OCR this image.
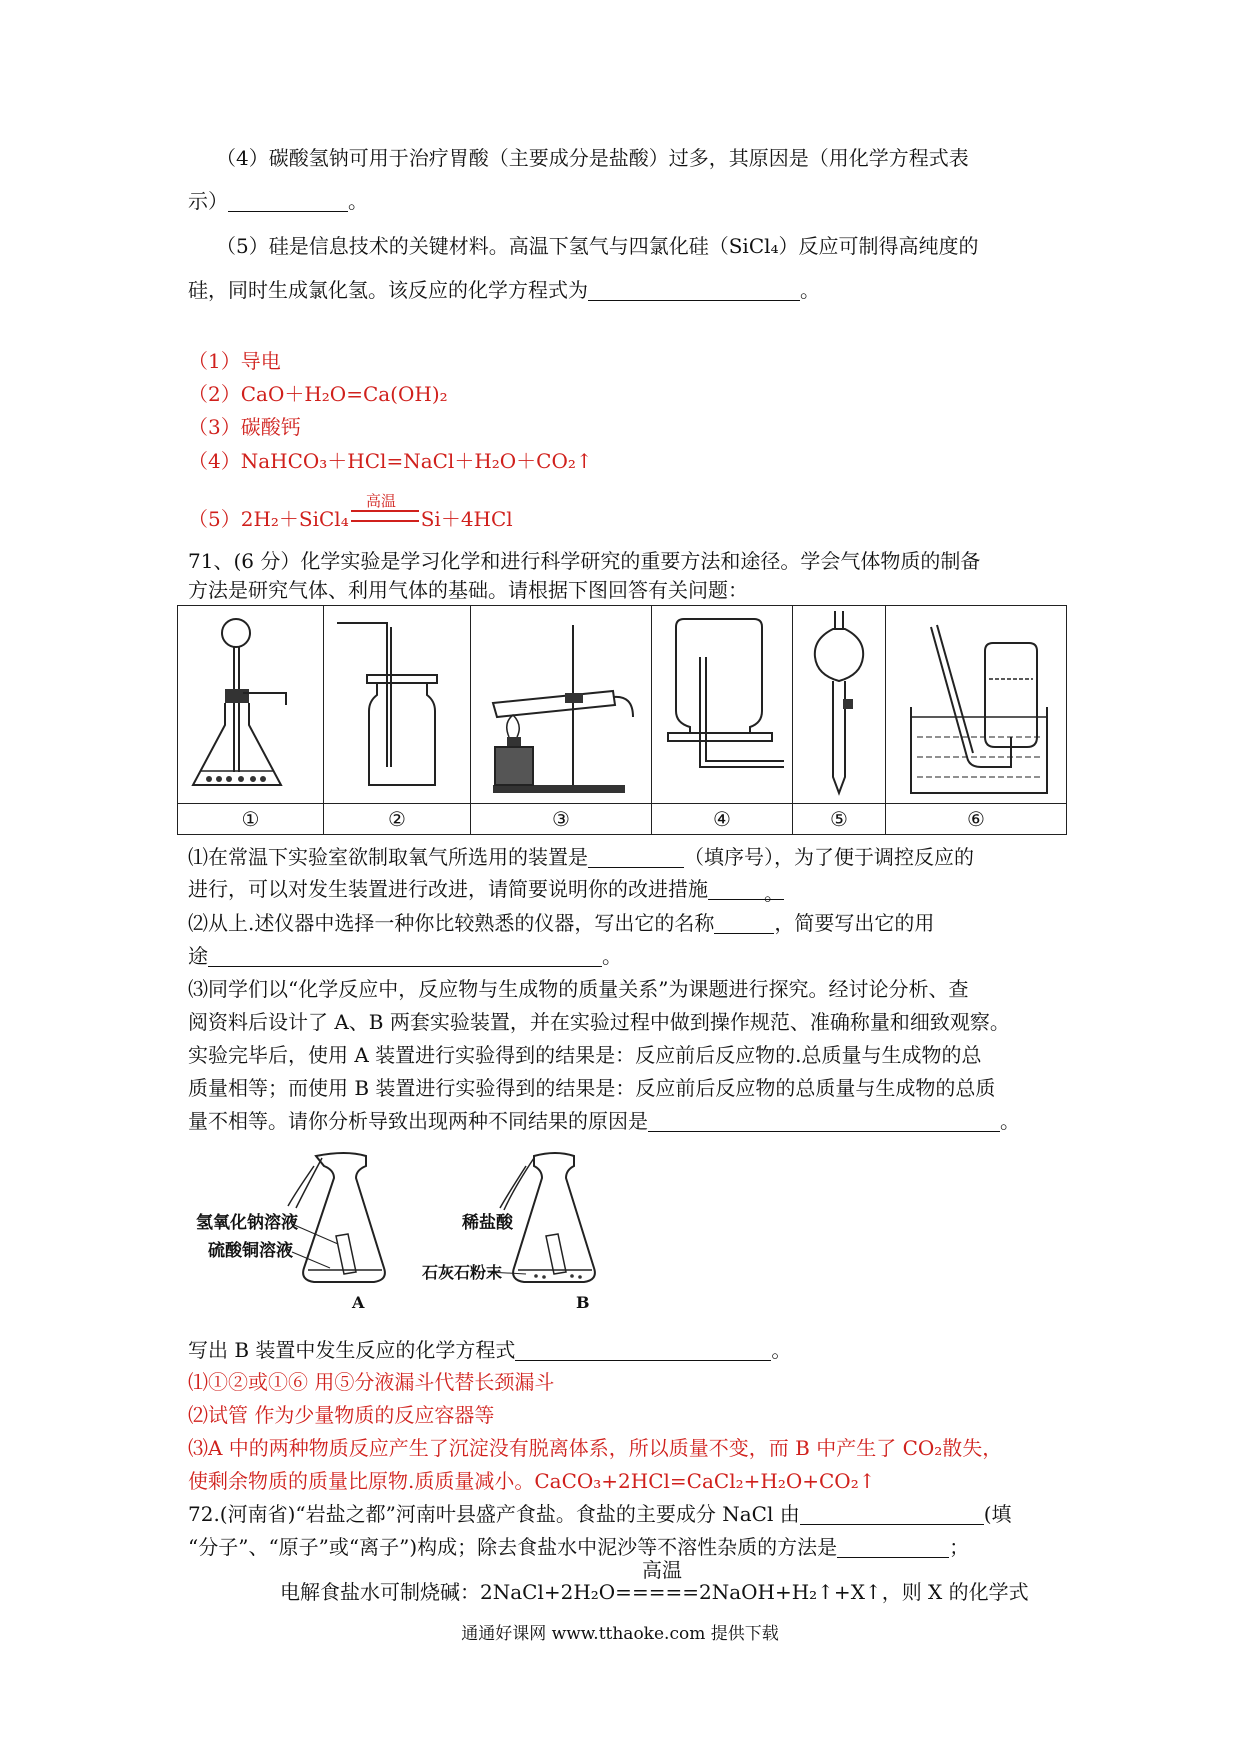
（4）碳酸氢钠可用于治疗胃酸（主要成分是盐酸）过多，其原因是（用化学方程式表
示）	。
（5）硅是信息技术的关键材料。高温下氢气与四氯化硅（SiCl₄）反应可制得高纯度的
硅，同时生成氯化氢。该反应的化学方程式为	。
（1）导电
（2）CaO＋H₂O=Ca(OH)₂
（3）碳酸钙
（4）NaHCO₃＋HCl=NaCl＋H₂O＋CO₂↑
高温
（5）2H₂＋SiCl₄	Si＋4HCl
71、(6 分）化学实验是学习化学和进行科学研究的重要方法和途径。学会气体物质的制备
方法是研究气体、利用气体的基础。请根据下图回答有关问题：

①	②	③	④	⑤	⑥
⑴在常温下实验室欲制取氧气所选用的装置是	（填序号），为了便于调控反应的
进行，可以对发生装置进行改进，请简要说明你的改进措施	。
⑵从上.述仪器中选择一种你比较熟悉的仪器，写出它的名称	，简要写出它的用
途	。
⑶同学们以“化学反应中，反应物与生成物的质量关系”为课题进行探究。经讨论分析、查
阅资料后设计了 A、B 两套实验装置，并在实验过程中做到操作规范、准确称量和细致观察。
实验完毕后，使用 A 装置进行实验得到的结果是：反应前后反应物的.总质量与生成物的总
质量相等；而使用 B 装置进行实验得到的结果是：反应前后反应物的总质量与生成物的总质
量不相等。请你分析导致出现两种不同结果的原因是	。
氢氧化钠溶液
硫酸铜溶液
A
稀盐酸
石灰石粉末
B
写出 B 装置中发生反应的化学方程式	。
⑴①②或①⑥ 用⑤分液漏斗代替长颈漏斗
⑵试管 作为少量物质的反应容器等
⑶A 中的两种物质反应产生了沉淀没有脱离体系，所以质量不变，而 B 中产生了 CO₂散失，
使剩余物质的质量比原物.质质量减小。CaCO₃+2HCl=CaCl₂+H₂O+CO₂↑
72.(河南省)“岩盐之都”河南叶县盛产食盐。食盐的主要成分 NaCl 由	(填
“分子”、“原子”或“离子”)构成；除去食盐水中泥沙等不溶性杂质的方法是	；
高温
电解食盐水可制烧碱：2NaCl+2H₂O=====2NaOH+H₂↑+X↑，则 X 的化学式
通通好课网 www.tthaoke.com 提供下载
